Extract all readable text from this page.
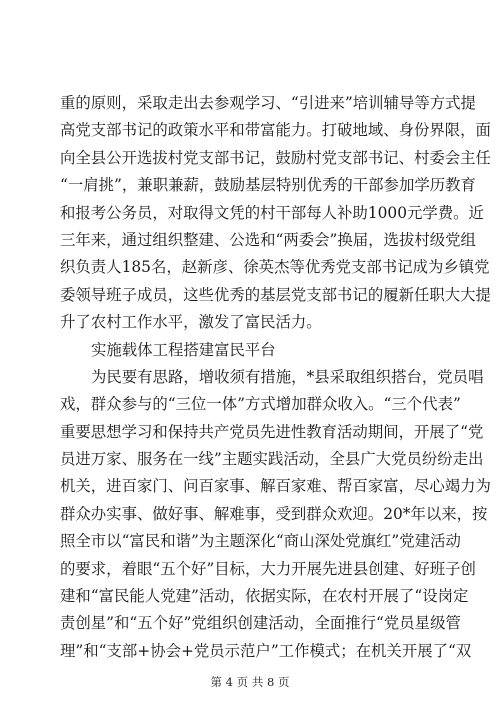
重的原则，采取走出去参观学习、“引进来”培训辅导等方式提
高党支部书记的政策水平和带富能力。打破地域、身份界限，面
向全县公开选拔村党支部书记，鼓励村党支部书记、村委会主任
“一肩挑”，兼职兼薪，鼓励基层特别优秀的干部参加学历教育
和报考公务员，对取得文凭的村干部每人补助1000元学费。近
三年来，通过组织整建、公选和“两委会”换届，选拔村级党组
织负责人185名，赵新彦、徐英杰等优秀党支部书记成为乡镇党
委领导班子成员，这些优秀的基层党支部书记的履新任职大大提
升了农村工作水平，激发了富民活力。
实施载体工程搭建富民平台
为民要有思路，增收须有措施，*县采取组织搭台，党员唱
戏，群众参与的“三位一体”方式增加群众收入。“三个代表”
重要思想学习和保持共产党员先进性教育活动期间，开展了“党
员进万家、服务在一线”主题实践活动，全县广大党员纷纷走出
机关，进百家门、问百家事、解百家难、帮百家富，尽心竭力为
群众办实事、做好事、解难事，受到群众欢迎。20*年以来，按
照全市以“富民和谐”为主题深化“商山深处党旗红”党建活动
的要求，着眼“五个好”目标，大力开展先进县创建、好班子创
建和“富民能人党建”活动，依据实际，在农村开展了“设岗定
责创星”和“五个好”党组织创建活动，全面推行“党员星级管
理”和“支部+协会+党员示范户”工作模式；在机关开展了“双
第 4 页 共 8 页
